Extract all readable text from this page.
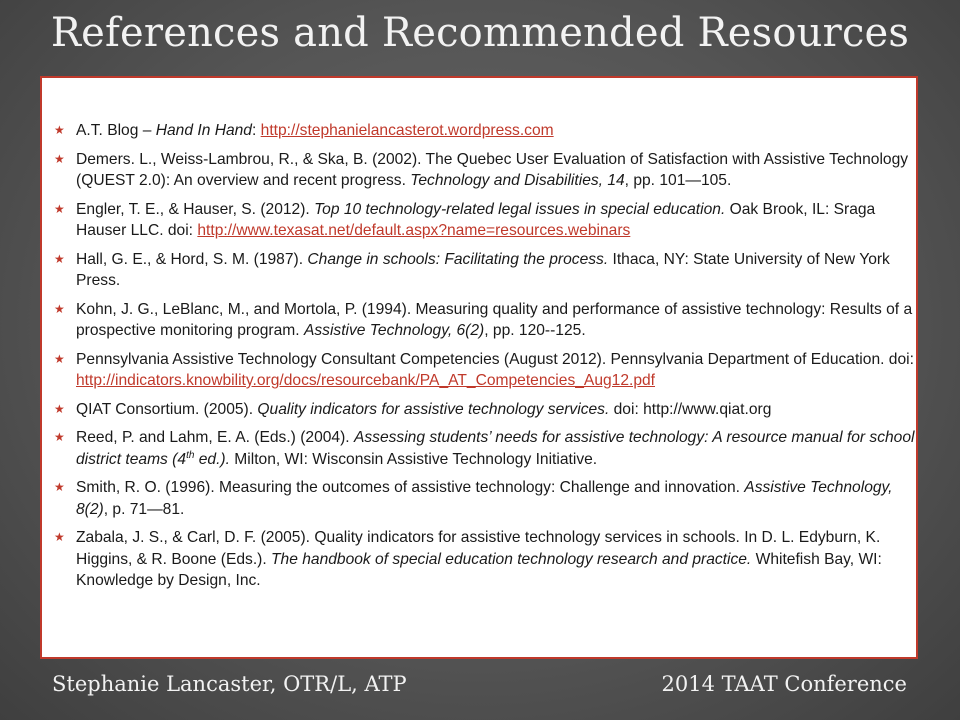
References and Recommended Resources
★ A.T. Blog – Hand In Hand: http://stephanielancasterot.wordpress.com
★ Demers. L., Weiss-Lambrou, R., & Ska, B. (2002). The Quebec User Evaluation of Satisfaction with Assistive Technology (QUEST 2.0): An overview and recent progress. Technology and Disabilities, 14, pp. 101—105.
★ Engler, T. E., & Hauser, S. (2012). Top 10 technology-related legal issues in special education. Oak Brook, IL: Sraga Hauser LLC. doi: http://www.texasat.net/default.aspx?name=resources.webinars
★ Hall, G. E., & Hord, S. M. (1987). Change in schools: Facilitating the process. Ithaca, NY: State University of New York Press.
★ Kohn, J. G., LeBlanc, M., and Mortola, P. (1994). Measuring quality and performance of assistive technology: Results of a prospective monitoring program. Assistive Technology, 6(2), pp. 120--125.
★ Pennsylvania Assistive Technology Consultant Competencies (August 2012). Pennsylvania Department of Education. doi: http://indicators.knowbility.org/docs/resourcebank/PA_AT_Competencies_Aug12.pdf
★ QIAT Consortium. (2005). Quality indicators for assistive technology services. doi: http://www.qiat.org
★ Reed, P. and Lahm, E. A. (Eds.) (2004). Assessing students’ needs for assistive technology: A resource manual for school district teams (4th ed.). Milton, WI: Wisconsin Assistive Technology Initiative.
★ Smith, R. O. (1996). Measuring the outcomes of assistive technology: Challenge and innovation. Assistive Technology, 8(2), p. 71—81.
★ Zabala, J. S., & Carl, D. F. (2005). Quality indicators for assistive technology services in schools. In D. L. Edyburn, K. Higgins, & R. Boone (Eds.). The handbook of special education technology research and practice. Whitefish Bay, WI: Knowledge by Design, Inc.
Stephanie Lancaster, OTR/L, ATP	2014 TAAT Conference
